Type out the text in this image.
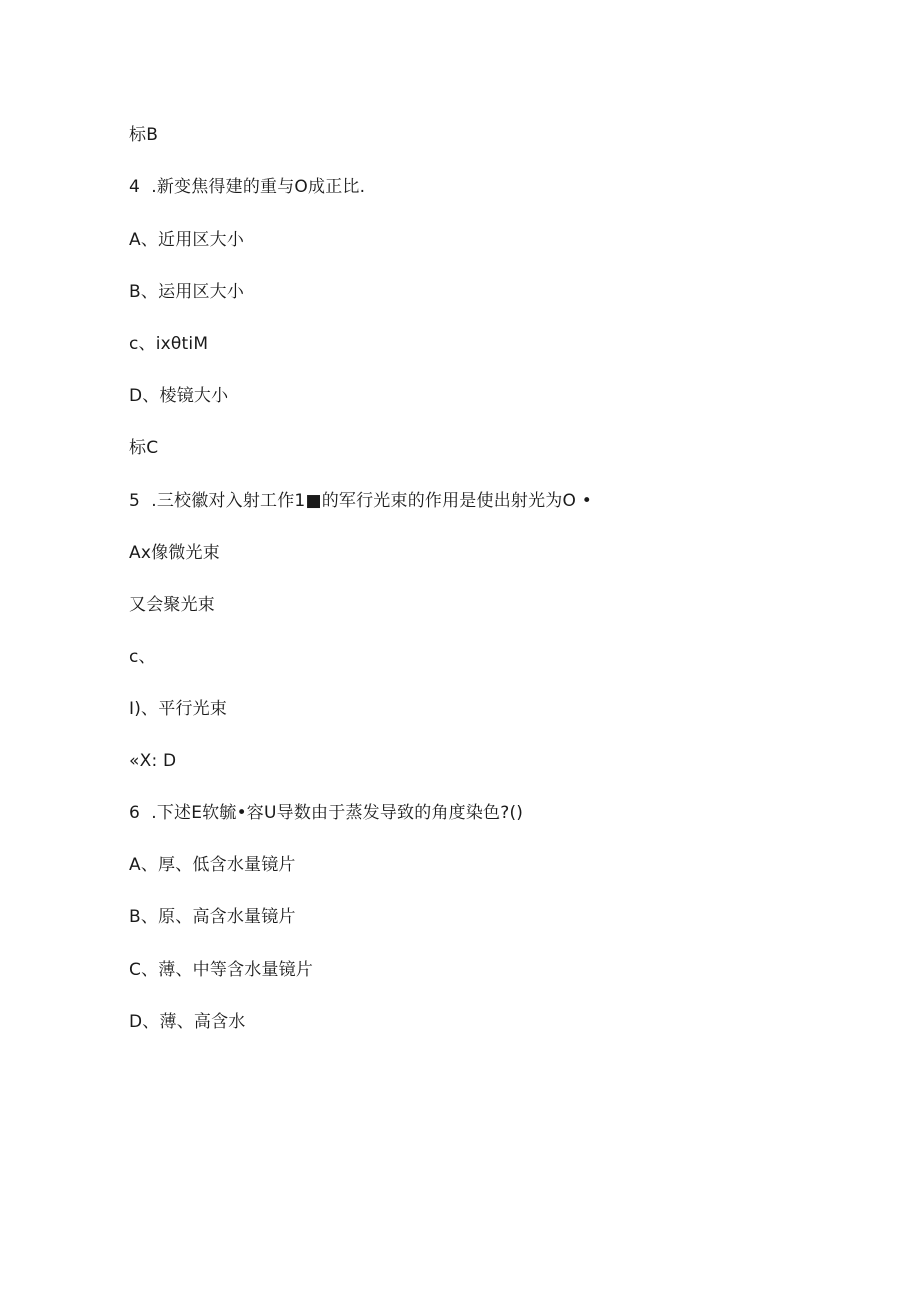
标B
4  .新变焦得建的重与O成正比.
A、近用区大小
B、运用区大小
c、ixθtiM
D、棱镜大小
标C
5  .三校徽对入射工作1■的军行光束的作用是使出射光为O •
Ax像微光束
又会聚光束
c、
I)、平行光束
«X: D
6  .下述E软毓•容U导数由于蒸发导致的角度染色?()
A、厚、低含水量镜片
B、原、高含水量镜片
C、薄、中等含水量镜片
D、薄、高含水
